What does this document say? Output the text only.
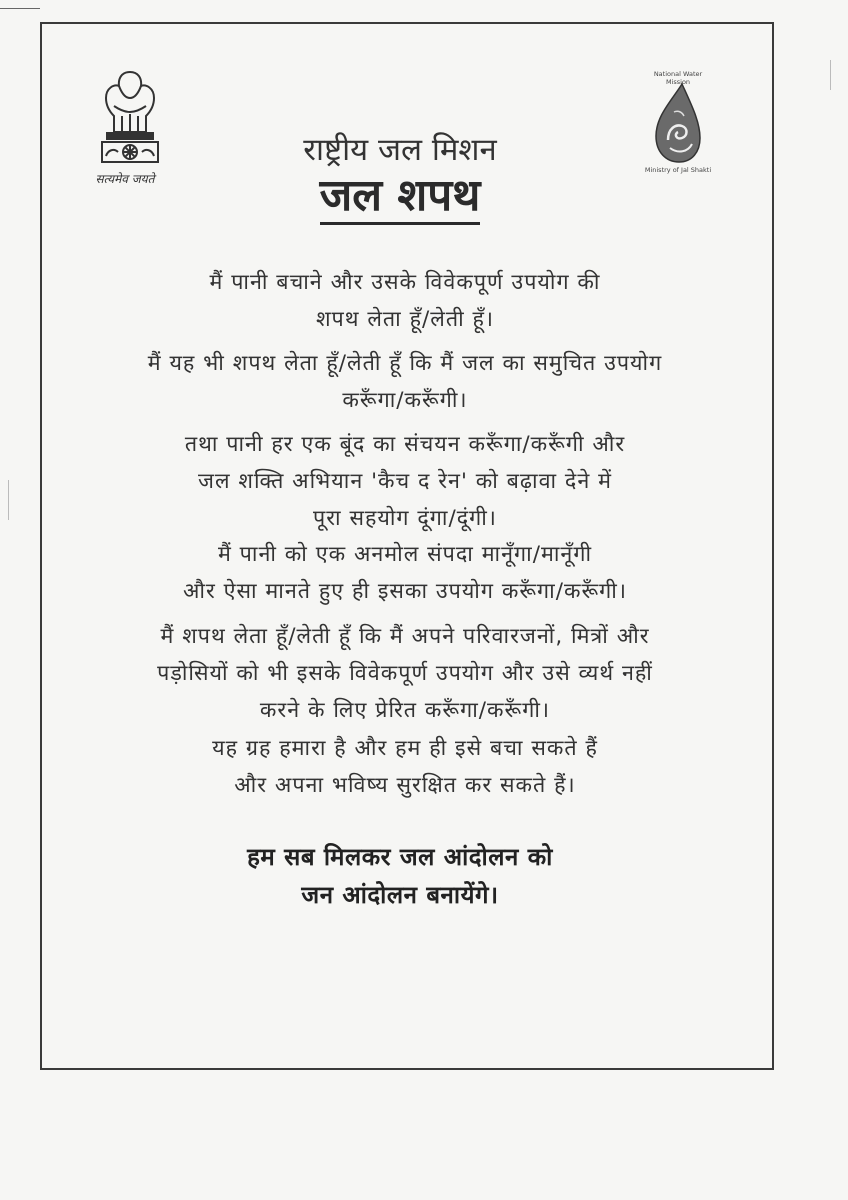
सत्यमेव जयते
National Water Mission
Ministry of Jal Shakti
राष्ट्रीय जल मिशन
जल शपथ
मैं पानी बचाने और उसके विवेकपूर्ण उपयोग की
शपथ लेता हूँ/लेती हूँ।
मैं यह भी शपथ लेता हूँ/लेती हूँ कि मैं जल का समुचित उपयोग
करूँगा/करूँगी।
तथा पानी हर एक बूंद का संचयन करूँगा/करूँगी और
जल शक्ति अभियान 'कैच द रेन' को बढ़ावा देने में
पूरा सहयोग दूंगा/दूंगी।
मैं पानी को एक अनमोल संपदा मानूँगा/मानूँगी
और ऐसा मानते हुए ही इसका उपयोग करूँगा/करूँगी।
मैं शपथ लेता हूँ/लेती हूँ कि मैं अपने परिवारजनों, मित्रों और
पड़ोसियों को भी इसके विवेकपूर्ण उपयोग और उसे व्यर्थ नहीं
करने के लिए प्रेरित करूँगा/करूँगी।
यह ग्रह हमारा है और हम ही इसे बचा सकते हैं
और अपना भविष्य सुरक्षित कर सकते हैं।
हम सब मिलकर जल आंदोलन को
जन आंदोलन बनायेंगे।
